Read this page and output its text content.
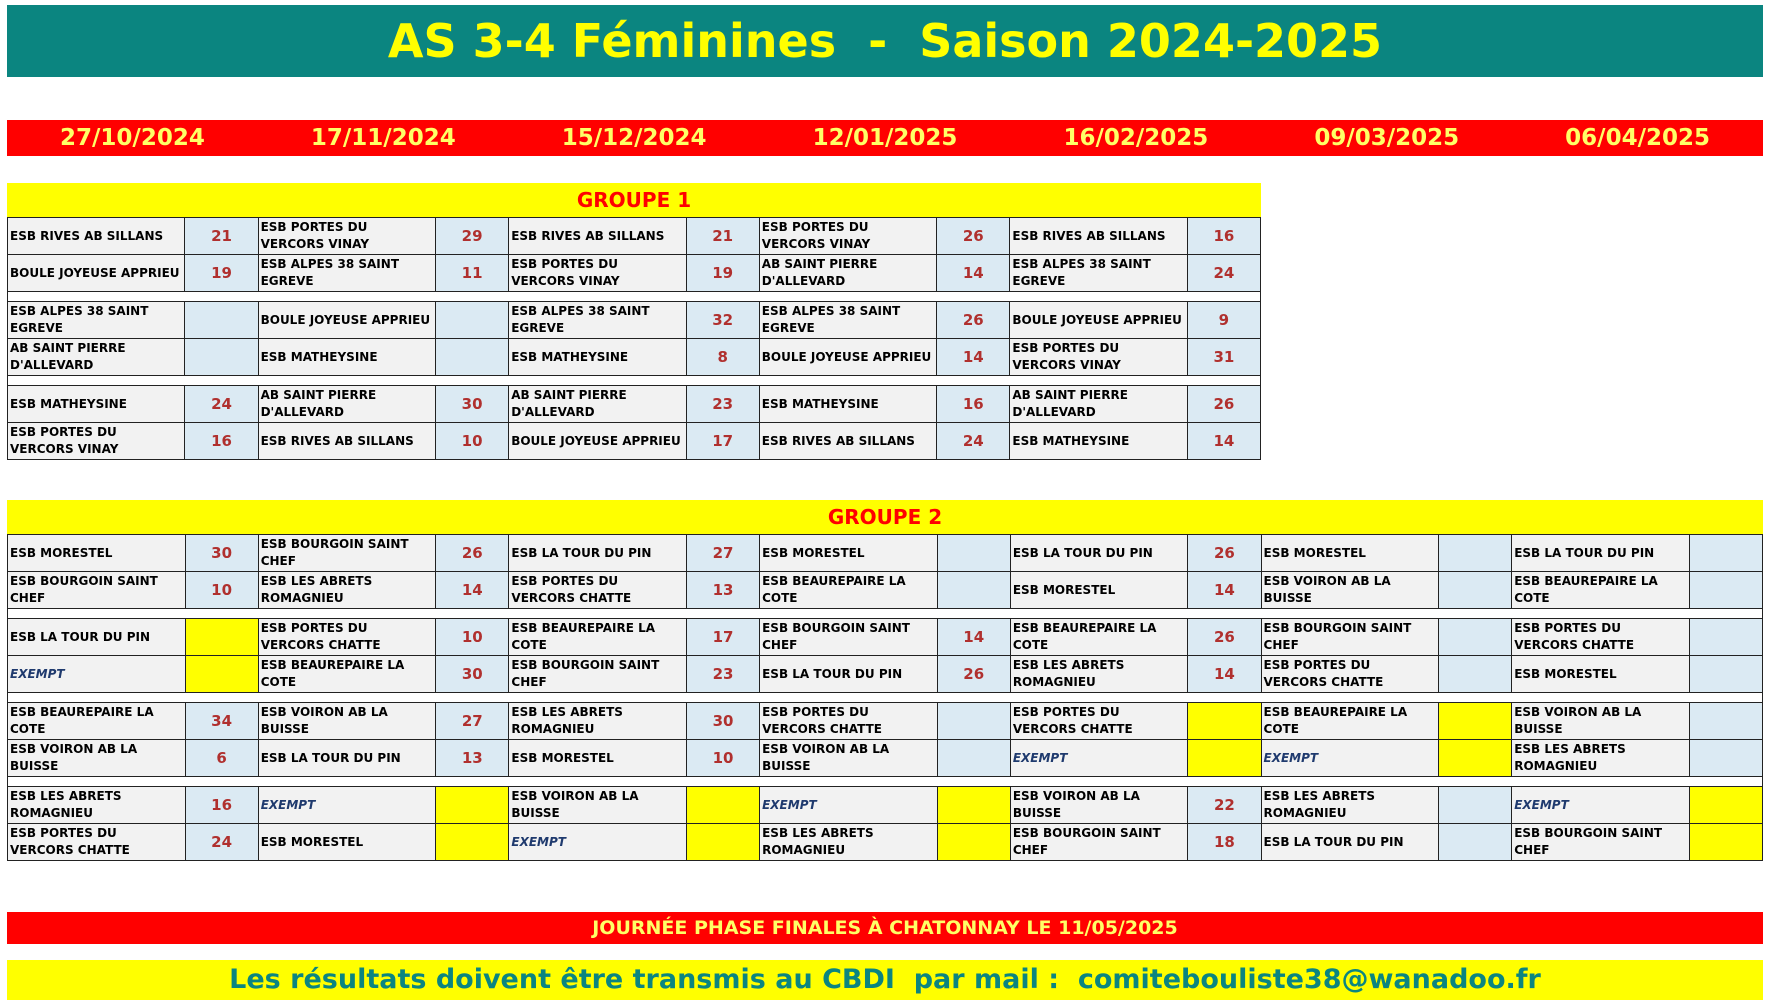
AS 3-4 Féminines  -  Saison 2024-2025
27/10/2024	17/11/2024	15/12/2024	12/01/2025	16/02/2025	09/03/2025	06/04/2025
GROUPE 1
ESB RIVES AB SILLANS	21	ESB PORTES DU VERCORS VINAY	29	ESB RIVES AB SILLANS	21	ESB PORTES DU VERCORS VINAY	26	ESB RIVES AB SILLANS	16
BOULE JOYEUSE APPRIEU	19	ESB ALPES 38 SAINT EGREVE	11	ESB PORTES DU VERCORS VINAY	19	AB SAINT PIERRE D'ALLEVARD	14	ESB ALPES 38 SAINT EGREVE	24

ESB ALPES 38 SAINT EGREVE		BOULE JOYEUSE APPRIEU		ESB ALPES 38 SAINT EGREVE	32	ESB ALPES 38 SAINT EGREVE	26	BOULE JOYEUSE APPRIEU	9
AB SAINT PIERRE D'ALLEVARD		ESB MATHEYSINE		ESB MATHEYSINE	8	BOULE JOYEUSE APPRIEU	14	ESB PORTES DU VERCORS VINAY	31

ESB MATHEYSINE	24	AB SAINT PIERRE D'ALLEVARD	30	AB SAINT PIERRE D'ALLEVARD	23	ESB MATHEYSINE	16	AB SAINT PIERRE D'ALLEVARD	26
ESB PORTES DU VERCORS VINAY	16	ESB RIVES AB SILLANS	10	BOULE JOYEUSE APPRIEU	17	ESB RIVES AB SILLANS	24	ESB MATHEYSINE	14
GROUPE 2
ESB MORESTEL	30	ESB BOURGOIN SAINT CHEF	26	ESB LA TOUR DU PIN	27	ESB MORESTEL		ESB LA TOUR DU PIN	26	ESB MORESTEL		ESB LA TOUR DU PIN	
ESB BOURGOIN SAINT CHEF	10	ESB LES ABRETS ROMAGNIEU	14	ESB PORTES DU VERCORS CHATTE	13	ESB BEAUREPAIRE LA COTE		ESB MORESTEL	14	ESB VOIRON AB LA BUISSE		ESB BEAUREPAIRE LA COTE	

ESB LA TOUR DU PIN		ESB PORTES DU VERCORS CHATTE	10	ESB BEAUREPAIRE LA COTE	17	ESB BOURGOIN SAINT CHEF	14	ESB BEAUREPAIRE LA COTE	26	ESB BOURGOIN SAINT CHEF		ESB PORTES DU VERCORS CHATTE	
EXEMPT		ESB BEAUREPAIRE LA COTE	30	ESB BOURGOIN SAINT CHEF	23	ESB LA TOUR DU PIN	26	ESB LES ABRETS ROMAGNIEU	14	ESB PORTES DU VERCORS CHATTE		ESB MORESTEL	

ESB BEAUREPAIRE LA COTE	34	ESB VOIRON AB LA BUISSE	27	ESB LES ABRETS ROMAGNIEU	30	ESB PORTES DU VERCORS CHATTE		ESB PORTES DU VERCORS CHATTE		ESB BEAUREPAIRE LA COTE		ESB VOIRON AB LA BUISSE	
ESB VOIRON AB LA BUISSE	6	ESB LA TOUR DU PIN	13	ESB MORESTEL	10	ESB VOIRON AB LA BUISSE		EXEMPT		EXEMPT		ESB LES ABRETS ROMAGNIEU	

ESB LES ABRETS ROMAGNIEU	16	EXEMPT		ESB VOIRON AB LA BUISSE		EXEMPT		ESB VOIRON AB LA BUISSE	22	ESB LES ABRETS ROMAGNIEU		EXEMPT	
ESB PORTES DU VERCORS CHATTE	24	ESB MORESTEL		EXEMPT		ESB LES ABRETS ROMAGNIEU		ESB BOURGOIN SAINT CHEF	18	ESB LA TOUR DU PIN		ESB BOURGOIN SAINT CHEF	
JOURNÉE PHASE FINALES À CHATONNAY LE 11/05/2025
Les résultats doivent être transmis au CBDI  par mail :  comitebouliste38@wanadoo.fr
